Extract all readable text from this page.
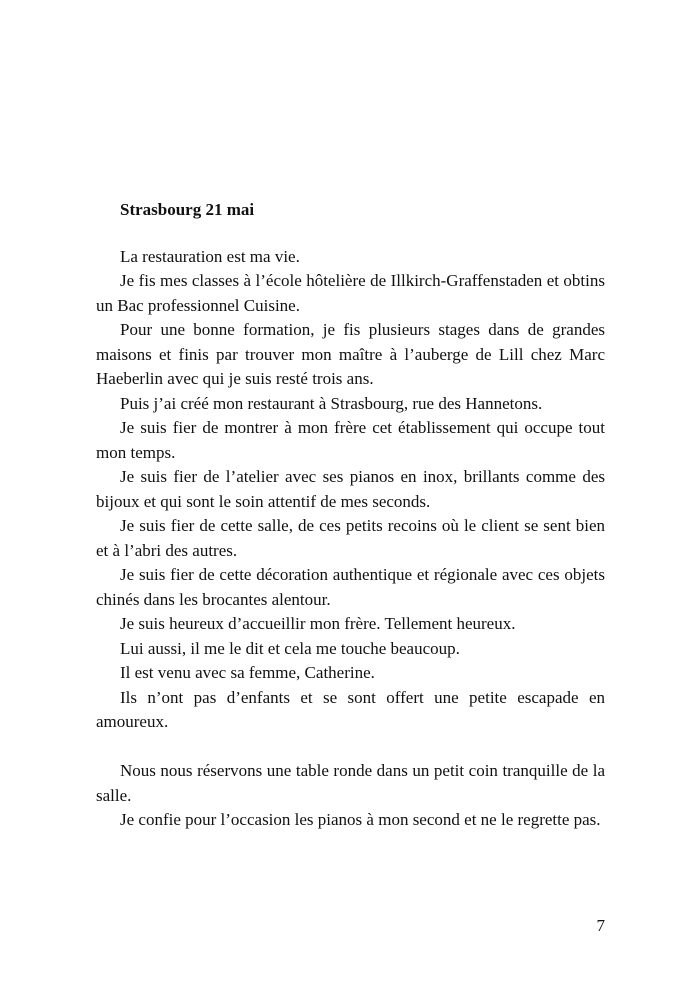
Strasbourg 21 mai

La restauration est ma vie.

Je fis mes classes à l’école hôtelière de Illkirch-Graffenstaden et obtins un Bac professionnel Cuisine.

Pour une bonne formation, je fis plusieurs stages dans de grandes maisons et finis par trouver mon maître à l’auberge de Lill chez Marc Haeberlin avec qui je suis resté trois ans.

Puis j’ai créé mon restaurant à Strasbourg, rue des Hannetons.

Je suis fier de montrer à mon frère cet établissement qui occupe tout mon temps.

Je suis fier de l’atelier avec ses pianos en inox, brillants comme des bijoux et qui sont le soin attentif de mes seconds.

Je suis fier de cette salle, de ces petits recoins où le client se sent bien et à l’abri des autres.

Je suis fier de cette décoration authentique et régionale avec ces objets chinés dans les brocantes alentour.

Je suis heureux d’accueillir mon frère. Tellement heureux.

Lui aussi, il me le dit et cela me touche beaucoup.

Il est venu avec sa femme, Catherine.

Ils n’ont pas d’enfants et se sont offert une petite escapade en amoureux.

Nous nous réservons une table ronde dans un petit coin tranquille de la salle.

Je confie pour l’occasion les pianos à mon second et ne le regrette pas.

7
